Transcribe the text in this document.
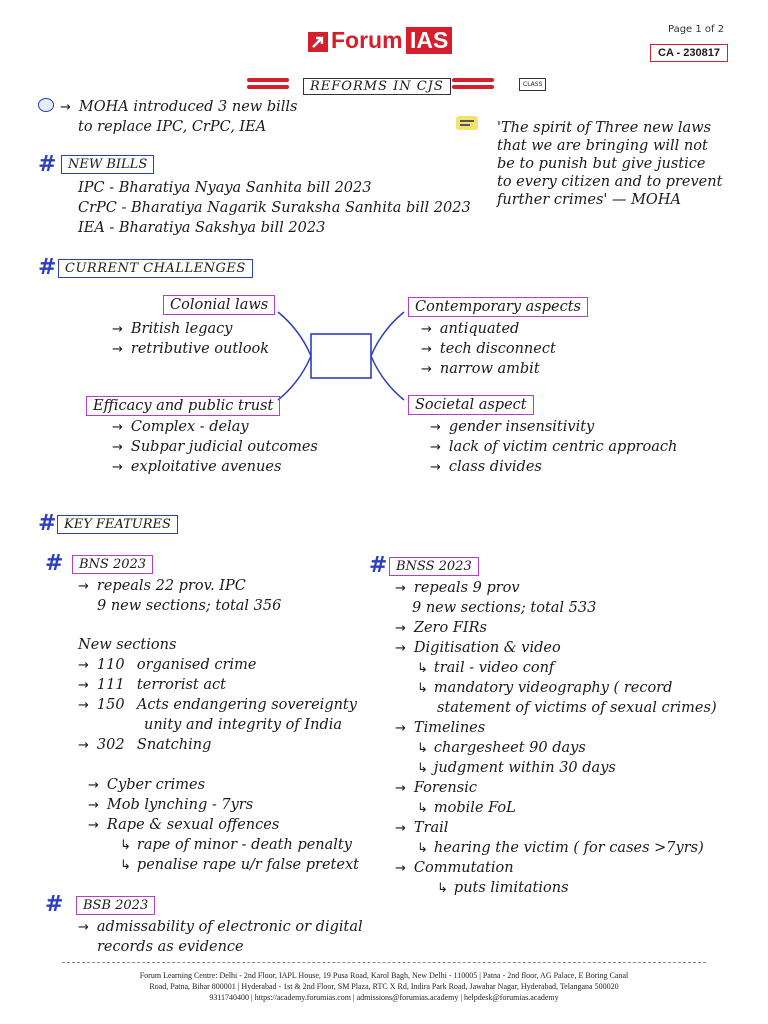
Page 1 of 2
Forum IAS	CA - 230817
REFORMS IN CJS	CLASS
→ MOHA introduced 3 new bills
to replace IPC, CrPC, IEA	'The spirit of Three new laws
that we are bringing will not
be to punish but give justice
to every citizen and to prevent
further crimes' — MOHA
# NEW BILLS
IPC - Bharatiya Nyaya Sanhita bill 2023
CrPC - Bharatiya Nagarik Suraksha Sanhita bill 2023
IEA - Bharatiya Sakshya bill 2023
# CURRENT CHALLENGES
Colonial laws
→ British legacy
→ retributive outlook
Contemporary aspects
→ antiquated
→ tech disconnect
→ narrow ambit
Efficacy and public trust
→ Complex - delay
→ Subpar judicial outcomes
→ exploitative avenues
Societal aspect
→ gender insensitivity
→ lack of victim centric approach
→ class divides
# KEY FEATURES
#	BNS 2023
→ repeals 22 prov. IPC
9 new sections; total 356
New sections
→ 110 organised crime
→ 111 terrorist act
→ 150 Acts endangering sovereignty
unity and integrity of India
→ 302 Snatching
→ Cyber crimes
→ Mob lynching - 7yrs
→ Rape & sexual offences
↳ rape of minor - death penalty
↳ penalise rape u/r false pretext
# BNSS 2023
→ repeals 9 prov
9 new sections; total 533
→ Zero FIRs
→ Digitisation & video
↳ trail - video conf
↳ mandatory videography ( record
statement of victims of sexual crimes)
→ Timelines
↳ chargesheet 90 days
↳ judgment within 30 days
→ Forensic
↳ mobile FoL
→ Trail
↳ hearing the victim ( for cases >7yrs)
→ Commutation
↳ puts limitations
#	BSB 2023
→ admissability of electronic or digital
records as evidence
Forum Learning Centre: Delhi - 2nd Floor, IAPL House, 19 Pusa Road, Karol Bagh, New Delhi - 110005 | Patna - 2nd floor, AG Palace, E Boring Canal
Road, Patna, Bihar 800001 | Hyderabad - 1st & 2nd Floor, SM Plaza, RTC X Rd, Indira Park Road, Jawahar Nagar, Hyderabad, Telangana 500020
9311740400 | https://academy.forumias.com | admissions@forumias.academy | helpdesk@forumias.academy
